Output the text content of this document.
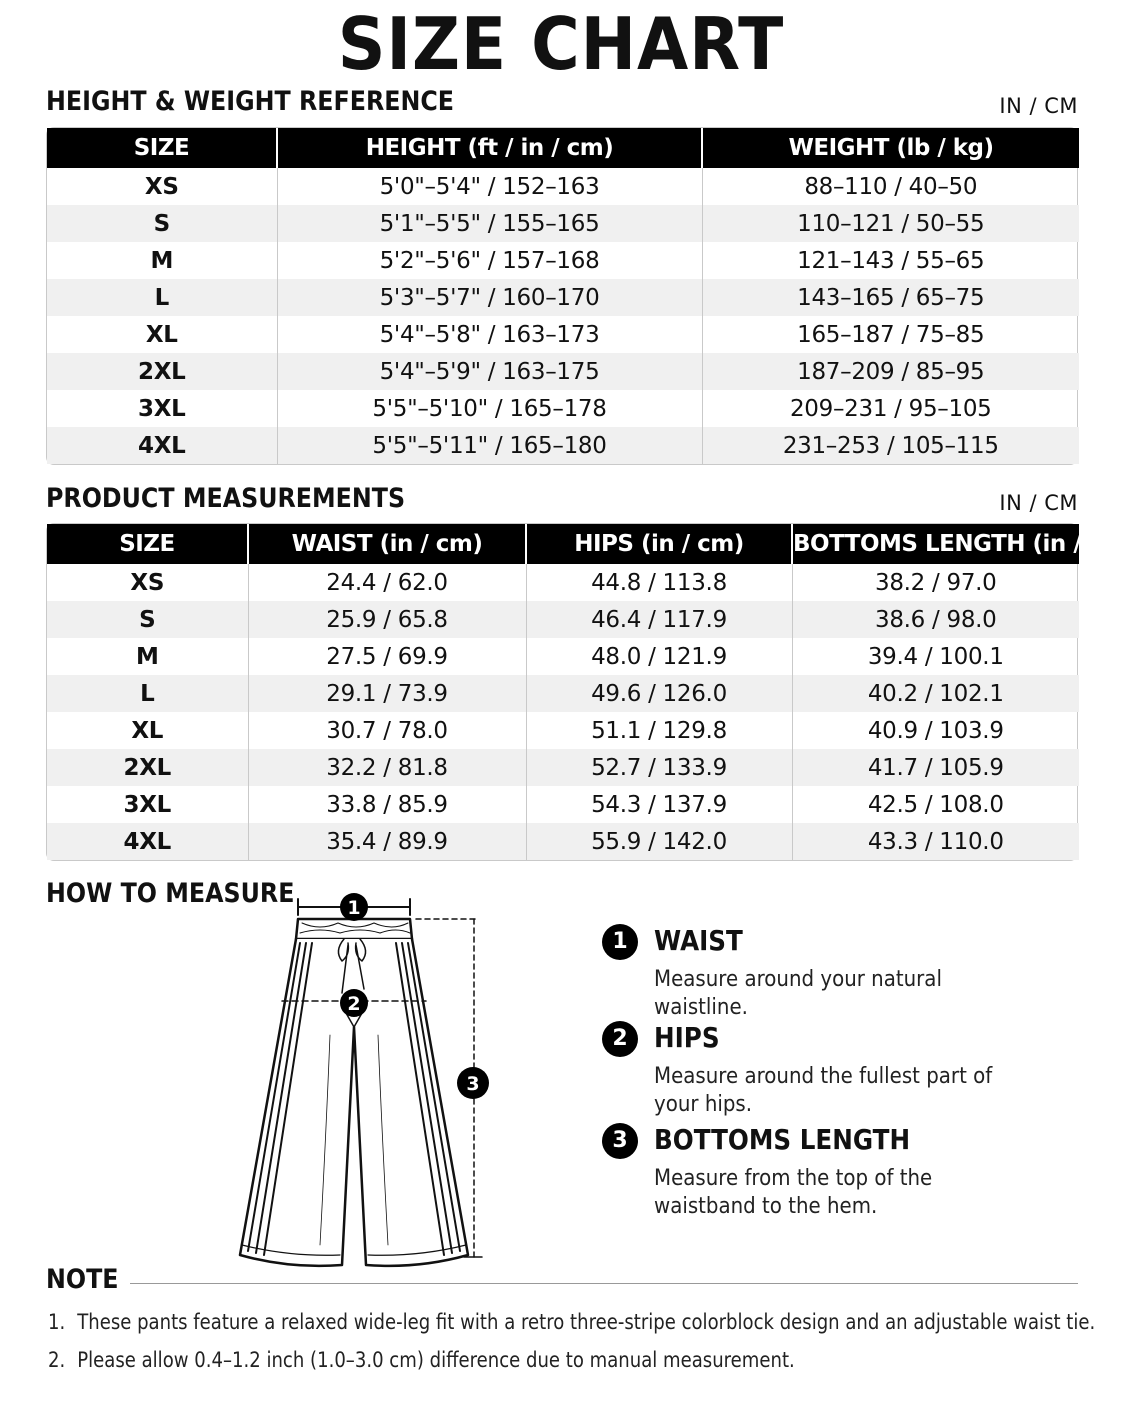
SIZE CHART
HEIGHT & WEIGHT REFERENCE	IN / CM
SIZE	HEIGHT (ft / in / cm)	WEIGHT (lb / kg)
XS	5'0"–5'4" / 152–163	88–110 / 40–50
S	5'1"–5'5" / 155–165	110–121 / 50–55
M	5'2"–5'6" / 157–168	121–143 / 55–65
L	5'3"–5'7" / 160–170	143–165 / 65–75
XL	5'4"–5'8" / 163–173	165–187 / 75–85
2XL	5'4"–5'9" / 163–175	187–209 / 85–95
3XL	5'5"–5'10" / 165–178	209–231 / 95–105
4XL	5'5"–5'11" / 165–180	231–253 / 105–115
PRODUCT MEASUREMENTS	IN / CM
SIZE	WAIST (in / cm)	HIPS (in / cm)	BOTTOMS LENGTH (in / cm)
XS	24.4 / 62.0	44.8 / 113.8	38.2 / 97.0
S	25.9 / 65.8	46.4 / 117.9	38.6 / 98.0
M	27.5 / 69.9	48.0 / 121.9	39.4 / 100.1
L	29.1 / 73.9	49.6 / 126.0	40.2 / 102.1
XL	30.7 / 78.0	51.1 / 129.8	40.9 / 103.9
2XL	32.2 / 81.8	52.7 / 133.9	41.7 / 105.9
3XL	33.8 / 85.9	54.3 / 137.9	42.5 / 108.0
4XL	35.4 / 89.9	55.9 / 142.0	43.3 / 110.0
HOW TO MEASURE	1
2
3
1 WAIST
Measure around your natural waistline.
2 HIPS
Measure around the fullest part of your hips.
3 BOTTOMS LENGTH
Measure from the top of the waistband to the hem.
NOTE
1. These pants feature a relaxed wide-leg fit with a retro three-stripe colorblock design and an adjustable waist tie.
2. Please allow 0.4–1.2 inch (1.0–3.0 cm) difference due to manual measurement.
